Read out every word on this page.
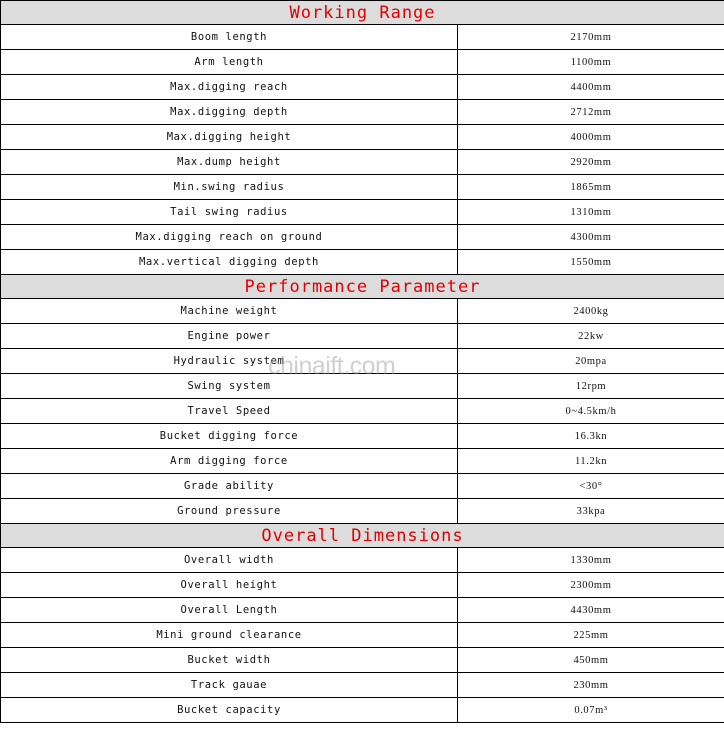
Working Range	
Boom length	2170mm
Arm length	1100mm
Max.digging reach	4400mm
Max.digging depth	2712mm
Max.digging height	4000mm
Max.dump height	2920mm
Min.swing radius	1865mm
Tail swing radius	1310mm
Max.digging reach on ground	4300mm
Max.vertical digging depth	1550mm
Performance Parameter	
Machine weight	2400kg
Engine power	22kw
Hydraulic system	20mpa
Swing system	12rpm
Travel Speed	0~4.5km/h
Bucket digging force	16.3kn
Arm digging force	11.2kn
Grade ability	<30°
Ground pressure	33kpa
Overall Dimensions	
Overall width	1330mm
Overall height	2300mm
Overall Length	4430mm
Mini ground clearance	225mm
Bucket width	450mm
Track gauae	230mm
Bucket capacity	0.07m³
chinaift.com
